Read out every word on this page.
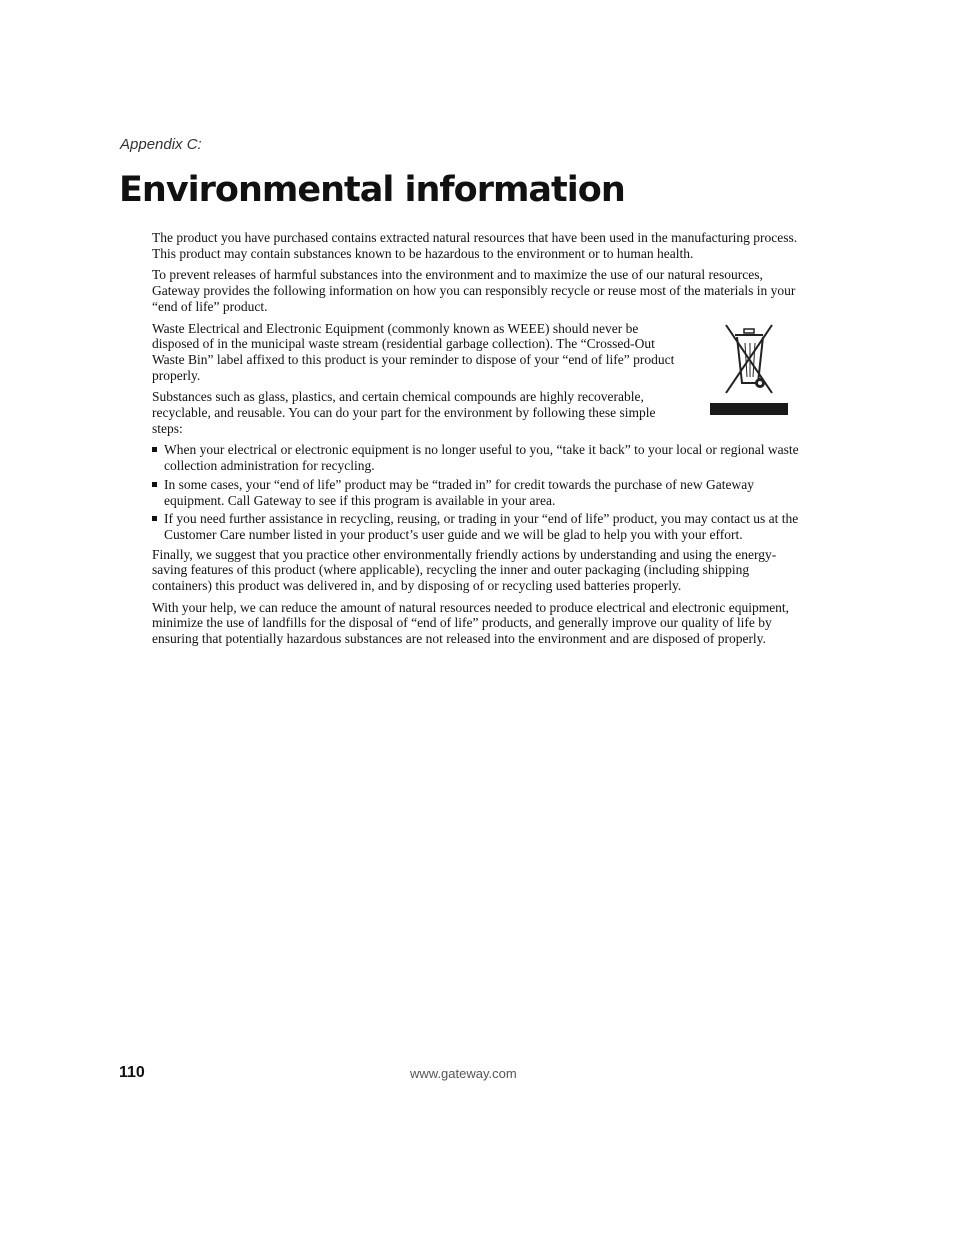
Appendix C:
Environmental information

The product you have purchased contains extracted natural resources that have been used in the manufacturing process. This product may contain substances known to be hazardous to the environment or to human health.

To prevent releases of harmful substances into the environment and to maximize the use of our natural resources, Gateway provides the following information on how you can responsibly recycle or reuse most of the materials in your “end of life” product.

Waste Electrical and Electronic Equipment (commonly known as WEEE) should never be disposed of in the municipal waste stream (residential garbage collection). The “Crossed-Out Waste Bin” label affixed to this product is your reminder to dispose of your “end of life” product properly.

Substances such as glass, plastics, and certain chemical compounds are highly recoverable, recyclable, and reusable. You can do your part for the environment by following these simple steps:

When your electrical or electronic equipment is no longer useful to you, “take it back” to your local or regional waste collection administration for recycling.
In some cases, your “end of life” product may be “traded in” for credit towards the purchase of new Gateway equipment. Call Gateway to see if this program is available in your area.
If you need further assistance in recycling, reusing, or trading in your “end of life” product, you may contact us at the Customer Care number listed in your product’s user guide and we will be glad to help you with your effort.

Finally, we suggest that you practice other environmentally friendly actions by understanding and using the energy-saving features of this product (where applicable), recycling the inner and outer packaging (including shipping containers) this product was delivered in, and by disposing of or recycling used batteries properly.

With your help, we can reduce the amount of natural resources needed to produce electrical and electronic equipment, minimize the use of landfills for the disposal of “end of life” products, and generally improve our quality of life by ensuring that potentially hazardous substances are not released into the environment and are disposed of properly.

110	www.gateway.com
